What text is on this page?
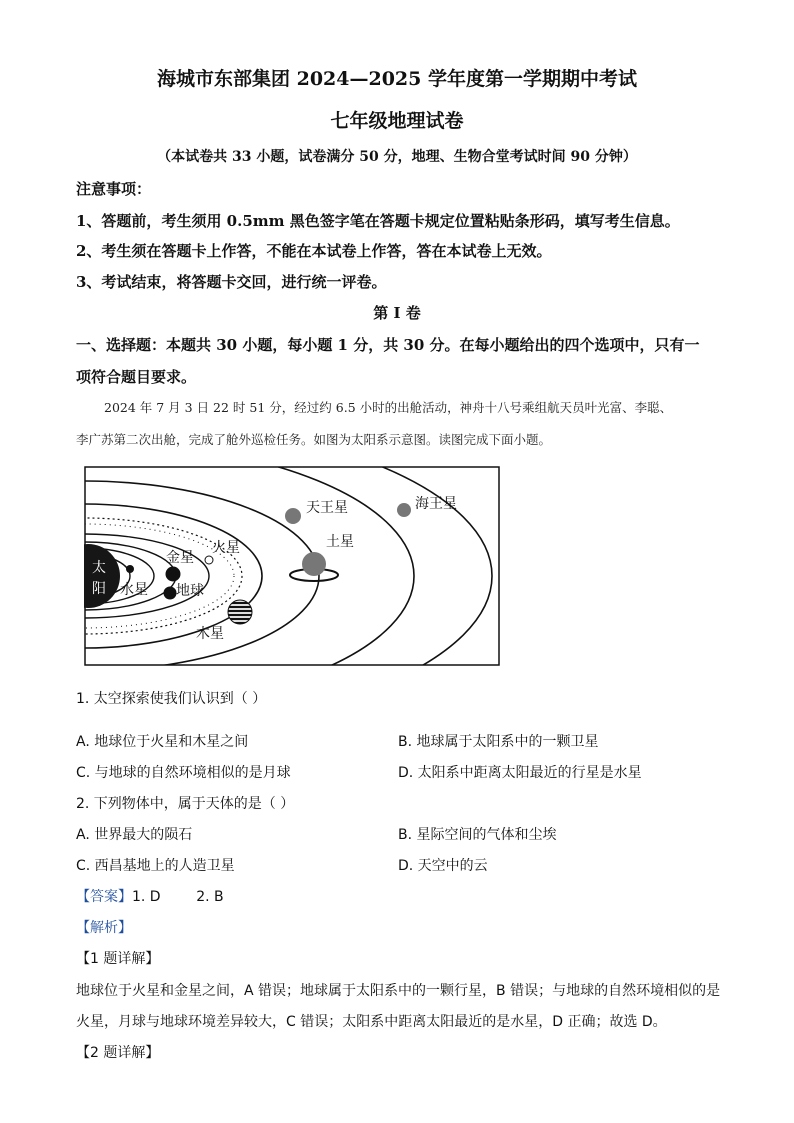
海城市东部集团 2024—2025 学年度第一学期期中考试
七年级地理试卷
（本试卷共 33 小题，试卷满分 50 分，地理、生物合堂考试时间 90 分钟）
注意事项：
1、答题前，考生须用 0.5mm 黑色签字笔在答题卡规定位置粘贴条形码，填写考生信息。
2、考生须在答题卡上作答，不能在本试卷上作答，答在本试卷上无效。
3、考试结束，将答题卡交回，进行统一评卷。
第 I 卷
一、选择题：本题共 30 小题，每小题 1 分，共 30 分。在每小题给出的四个选项中，只有一
项符合题目要求。
2024 年 7 月 3 日 22 时 51 分，经过约 6.5 小时的出舱活动，神舟十八号乘组航天员叶光富、李聪、
李广苏第二次出舱，完成了舱外巡检任务。如图为太阳系示意图。读图完成下面小题。
太
阳 水星
金星
地球
火星
木星
土星
天王星	海王星
1. 太空探索使我们认识到（ ）
A. 地球位于火星和木星之间	B. 地球属于太阳系中的一颗卫星
C. 与地球的自然环境相似的是月球	D. 太阳系中距离太阳最近的行星是水星
2. 下列物体中，属于天体的是（ ）
A. 世界最大的陨石	B. 星际空间的气体和尘埃
C. 西昌基地上的人造卫星	D. 天空中的云
【答案】1. D        2. B
【解析】
【1 题详解】
地球位于火星和金星之间，A 错误；地球属于太阳系中的一颗行星，B 错误；与地球的自然环境相似的是
火星，月球与地球环境差异较大，C 错误；太阳系中距离太阳最近的是水星，D 正确；故选 D。
【2 题详解】
